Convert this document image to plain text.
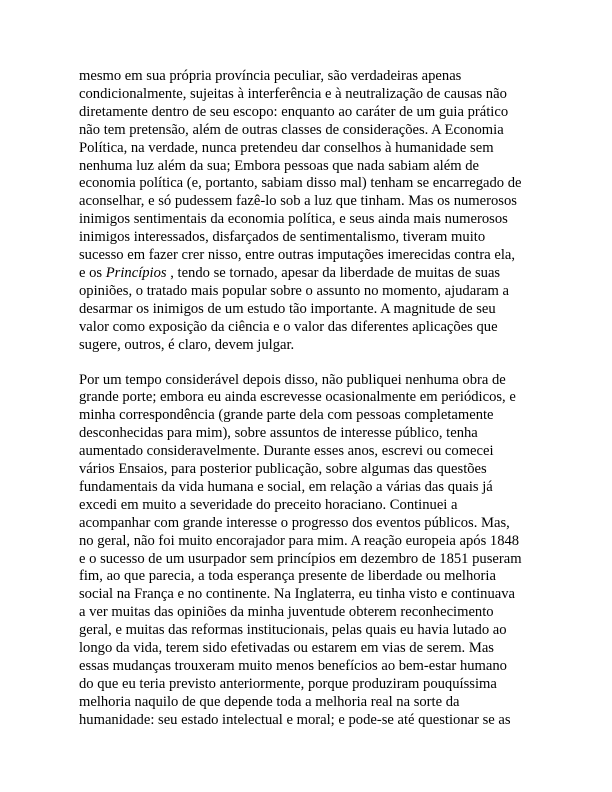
mesmo em sua própria província peculiar, são verdadeiras apenas
condicionalmente, sujeitas à interferência e à neutralização de causas não
diretamente dentro de seu escopo: enquanto ao caráter de um guia prático
não tem pretensão, além de outras classes de considerações. A Economia
Política, na verdade, nunca pretendeu dar conselhos à humanidade sem
nenhuma luz além da sua; Embora pessoas que nada sabiam além de
economia política (e, portanto, sabiam disso mal) tenham se encarregado de
aconselhar, e só pudessem fazê-lo sob a luz que tinham. Mas os numerosos
inimigos sentimentais da economia política, e seus ainda mais numerosos
inimigos interessados, disfarçados de sentimentalismo, tiveram muito
sucesso em fazer crer nisso, entre outras imputações imerecidas contra ela,
e os Princípios , tendo se tornado, apesar da liberdade de muitas de suas
opiniões, o tratado mais popular sobre o assunto no momento, ajudaram a
desarmar os inimigos de um estudo tão importante. A magnitude de seu
valor como exposição da ciência e o valor das diferentes aplicações que
sugere, outros, é claro, devem julgar.
Por um tempo considerável depois disso, não publiquei nenhuma obra de
grande porte; embora eu ainda escrevesse ocasionalmente em periódicos, e
minha correspondência (grande parte dela com pessoas completamente
desconhecidas para mim), sobre assuntos de interesse público, tenha
aumentado consideravelmente. Durante esses anos, escrevi ou comecei
vários Ensaios, para posterior publicação, sobre algumas das questões
fundamentais da vida humana e social, em relação a várias das quais já
excedi em muito a severidade do preceito horaciano. Continuei a
acompanhar com grande interesse o progresso dos eventos públicos. Mas,
no geral, não foi muito encorajador para mim. A reação europeia após 1848
e o sucesso de um usurpador sem princípios em dezembro de 1851 puseram
fim, ao que parecia, a toda esperança presente de liberdade ou melhoria
social na França e no continente. Na Inglaterra, eu tinha visto e continuava
a ver muitas das opiniões da minha juventude obterem reconhecimento
geral, e muitas das reformas institucionais, pelas quais eu havia lutado ao
longo da vida, terem sido efetivadas ou estarem em vias de serem. Mas
essas mudanças trouxeram muito menos benefícios ao bem-estar humano
do que eu teria previsto anteriormente, porque produziram pouquíssima
melhoria naquilo de que depende toda a melhoria real na sorte da
humanidade: seu estado intelectual e moral; e pode-se até questionar se as
